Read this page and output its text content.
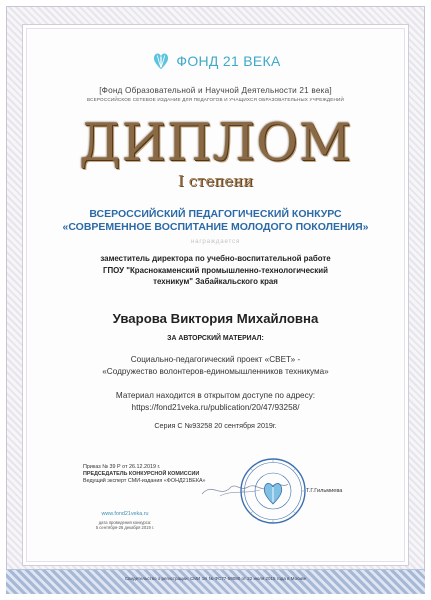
ФОНД 21 ВЕКА
[Фонд Образовательной и Научной Деятельности 21 века]
ВСЕРОССИЙСКОЕ СЕТЕВОЕ ИЗДАНИЕ ДЛЯ ПЕДАГОГОВ И УЧАЩИХСЯ ОБРАЗОВАТЕЛЬНЫХ УЧРЕЖДЕНИЙ
ДИПЛОМ
I степени
ВСЕРОССИЙСКИЙ ПЕДАГОГИЧЕСКИЙ КОНКУРС
«СОВРЕМЕННОЕ ВОСПИТАНИЕ МОЛОДОГО ПОКОЛЕНИЯ»
награждается
заместитель директора по учебно-воспитательной работе
ГПОУ "Краснокаменский промышленно-технологический
техникум" Забайкальского края
Уварова Виктория Михайловна
ЗА АВТОРСКИЙ МАТЕРИАЛ:
Социально-педагогический проект «СВЕТ» -
«Содружество волонтеров-единомышленников техникума»
Материал находится в открытом доступе по адресу:
https://fond21veka.ru/publication/20/47/93258/
Серия С №93258 20 сентября 2019г.
Приказ № 39 Р от 26.12.2019 г.
ПРЕДСЕДАТЕЛЬ КОНКУРСНОЙ КОМИССИИ
Ведущий эксперт СМИ-издания «ФОНД21ВЕКА»
Т.Г.Гильмиева
www.fond21veka.ru
дата проведения конкурса:
5 сентября-26 декабря 2019 г.
Свидетельство о регистрации: СМИ Эл № ФС77-59080 от 22 июля 2015 года в Москве
